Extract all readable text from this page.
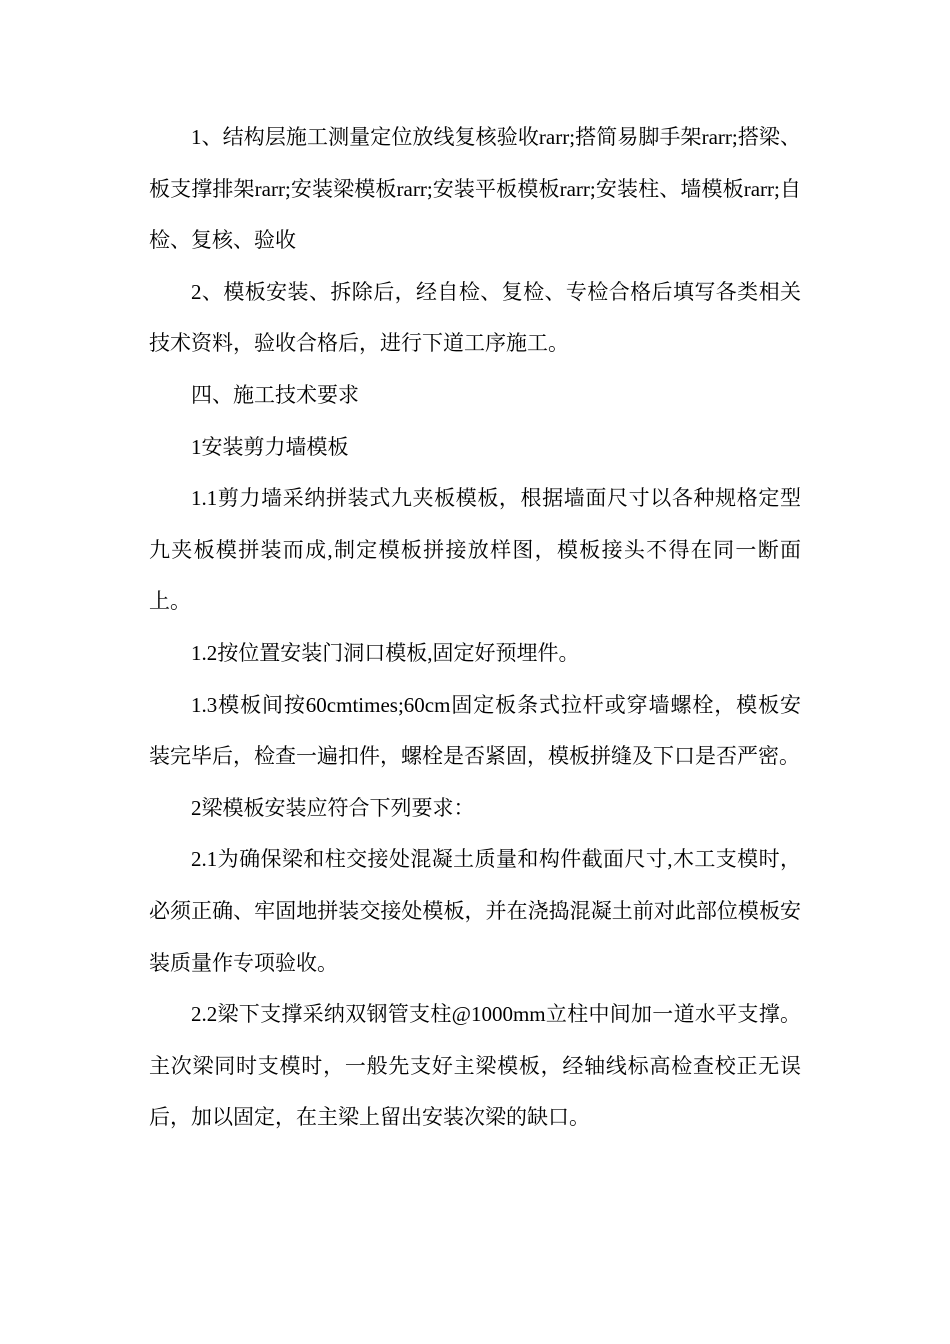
1、结构层施工测量定位放线复核验收rarr;搭简易脚手架rarr;搭梁、板支撑排架rarr;安装梁模板rarr;安装平板模板rarr;安装柱、墙模板rarr;自检、复核、验收

2、模板安装、拆除后，经自检、复检、专检合格后填写各类相关技术资料，验收合格后，进行下道工序施工。

四、施工技术要求

1安装剪力墙模板

1.1剪力墙采纳拼装式九夹板模板，根据墙面尺寸以各种规格定型九夹板模拼装而成,制定模板拼接放样图，模板接头不得在同一断面上。

1.2按位置安装门洞口模板,固定好预埋件。

1.3模板间按60cmtimes;60cm固定板条式拉杆或穿墙螺栓，模板安装完毕后，检查一遍扣件，螺栓是否紧固，模板拼缝及下口是否严密。

2梁模板安装应符合下列要求：

2.1为确保梁和柱交接处混凝土质量和构件截面尺寸,木工支模时，必须正确、牢固地拼装交接处模板，并在浇捣混凝土前对此部位模板安装质量作专项验收。

2.2梁下支撑采纳双钢管支柱@1000mm立柱中间加一道水平支撑。主次梁同时支模时，一般先支好主梁模板，经轴线标高检查校正无误后，加以固定，在主梁上留出安装次梁的缺口。
